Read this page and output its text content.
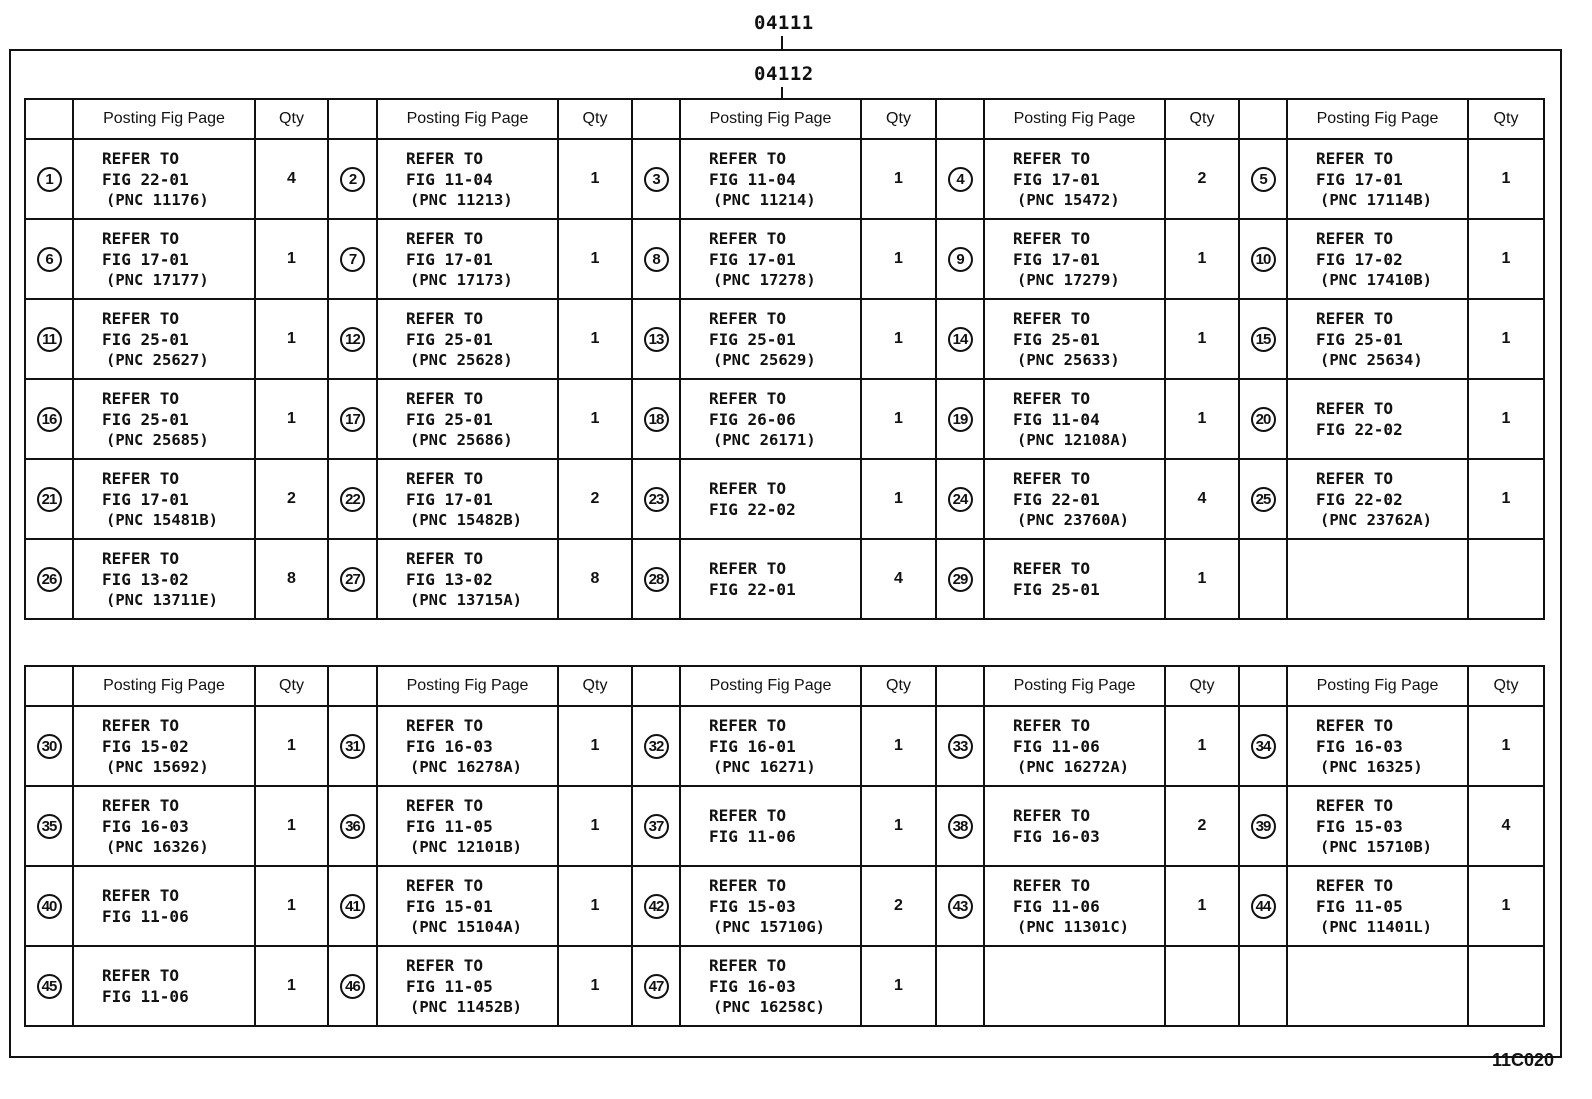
04111
04112
	Posting Fig Page	Qty		Posting Fig Page	Qty		Posting Fig Page	Qty		Posting Fig Page	Qty		Posting Fig Page	Qty
1	REFER TO
FIG 22-01
(PNC 11176)	4	2	REFER TO
FIG 11-04
(PNC 11213)	1	3	REFER TO
FIG 11-04
(PNC 11214)	1	4	REFER TO
FIG 17-01
(PNC 15472)	2	5	REFER TO
FIG 17-01
(PNC 17114B)	1
6	REFER TO
FIG 17-01
(PNC 17177)	1	7	REFER TO
FIG 17-01
(PNC 17173)	1	8	REFER TO
FIG 17-01
(PNC 17278)	1	9	REFER TO
FIG 17-01
(PNC 17279)	1	10	REFER TO
FIG 17-02
(PNC 17410B)	1
11	REFER TO
FIG 25-01
(PNC 25627)	1	12	REFER TO
FIG 25-01
(PNC 25628)	1	13	REFER TO
FIG 25-01
(PNC 25629)	1	14	REFER TO
FIG 25-01
(PNC 25633)	1	15	REFER TO
FIG 25-01
(PNC 25634)	1
16	REFER TO
FIG 25-01
(PNC 25685)	1	17	REFER TO
FIG 25-01
(PNC 25686)	1	18	REFER TO
FIG 26-06
(PNC 26171)	1	19	REFER TO
FIG 11-04
(PNC 12108A)	1	20	REFER TO
FIG 22-02	1
21	REFER TO
FIG 17-01
(PNC 15481B)	2	22	REFER TO
FIG 17-01
(PNC 15482B)	2	23	REFER TO
FIG 22-02	1	24	REFER TO
FIG 22-01
(PNC 23760A)	4	25	REFER TO
FIG 22-02
(PNC 23762A)	1
26	REFER TO
FIG 13-02
(PNC 13711E)	8	27	REFER TO
FIG 13-02
(PNC 13715A)	8	28	REFER TO
FIG 22-01	4	29	REFER TO
FIG 25-01	1			
	Posting Fig Page	Qty		Posting Fig Page	Qty		Posting Fig Page	Qty		Posting Fig Page	Qty		Posting Fig Page	Qty
30	REFER TO
FIG 15-02
(PNC 15692)	1	31	REFER TO
FIG 16-03
(PNC 16278A)	1	32	REFER TO
FIG 16-01
(PNC 16271)	1	33	REFER TO
FIG 11-06
(PNC 16272A)	1	34	REFER TO
FIG 16-03
(PNC 16325)	1
35	REFER TO
FIG 16-03
(PNC 16326)	1	36	REFER TO
FIG 11-05
(PNC 12101B)	1	37	REFER TO
FIG 11-06	1	38	REFER TO
FIG 16-03	2	39	REFER TO
FIG 15-03
(PNC 15710B)	4
40	REFER TO
FIG 11-06	1	41	REFER TO
FIG 15-01
(PNC 15104A)	1	42	REFER TO
FIG 15-03
(PNC 15710G)	2	43	REFER TO
FIG 11-06
(PNC 11301C)	1	44	REFER TO
FIG 11-05
(PNC 11401L)	1
45	REFER TO
FIG 11-06	1	46	REFER TO
FIG 11-05
(PNC 11452B)	1	47	REFER TO
FIG 16-03
(PNC 16258C)	1						
11C020
